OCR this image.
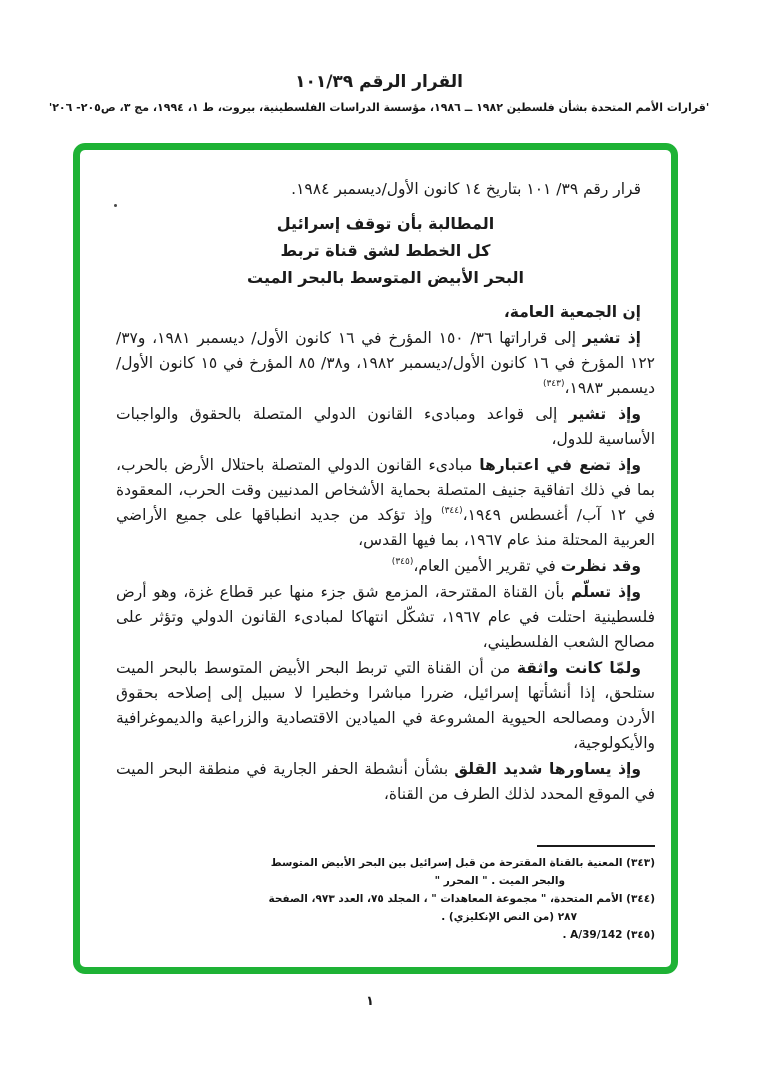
القرار الرقم ٣٩/‏١٠١
'قرارات الأمم المتحدة بشأن فلسطين ١٩٨٢ ــ ١٩٨٦، مؤسسة الدراسات الفلسطينية، بيروت، ط ١، ١٩٩٤، مج ٣، ص٢٠٥- ٢٠٦'
قرار رقم ٣٩/ ١٠١ بتاريخ ١٤ كانون الأول/ديسمبر ١٩٨٤.
المطالبة بأن توقف إسرائيل
كل الخطط لشق قناة تربط
البحر الأبيض المتوسط بالبحر الميت

إن الجمعية العامة،

إذ تشير إلى قراراتها ٣٦/ ١٥٠ المؤرخ في ١٦ كانون الأول/ ديسمبر ١٩٨١، و٣٧/ ١٢٢ المؤرخ في ١٦ كانون الأول/ديسمبر ١٩٨٢، و٣٨/ ٨٥ المؤرخ في ١٥ كانون الأول/ديسمبر ١٩٨٣،$^{(٣٤٣)}$

وإذ تشير إلى قواعد ومبادىء القانون الدولي المتصلة بالحقوق والواجبات الأساسية للدول،

وإذ تضع في اعتبارها مبادىء القانون الدولي المتصلة باحتلال الأرض بالحرب، بما في ذلك اتفاقية جنيف المتصلة بحماية الأشخاص المدنيين وقت الحرب، المعقودة في ١٢ آب/ أغسطس ١٩٤٩،$^{(٣٤٤)}$ وإذ تؤكد من جديد انطباقها على جميع الأراضي العربية المحتلة منذ عام ١٩٦٧، بما فيها القدس،

وقد نظرت في تقرير الأمين العام،$^{(٣٤٥)}$

وإذ تسلّم بأن القناة المقترحة، المزمع شق جزء منها عبر قطاع غزة، وهو أرض فلسطينية احتلت في عام ١٩٦٧، تشكّل انتهاكا لمبادىء القانون الدولي وتؤثر على مصالح الشعب الفلسطيني،

ولمّا كانت واثقة من أن القناة التي تربط البحر الأبيض المتوسط بالبحر الميت ستلحق، إذا أنشأتها إسرائيل، ضررا مباشرا وخطيرا لا سبيل إلى إصلاحه بحقوق الأردن ومصالحه الحيوية المشروعة في الميادين الاقتصادية والزراعية والديموغرافية والأيكولوجية،

وإذ يساورها شديد القلق بشأن أنشطة الحفر الجارية في منطقة البحر الميت في الموقع المحدد لذلك الطرف من القناة،

(٣٤٣) المعنية بالقناة المقترحة من قبل إسرائيل بين البحر الأبيض المتوسط
والبحر الميت . " المحرر "
(٣٤٤) الأمم المتحدة، " مجموعة المعاهدات " ، المجلد ٧٥، العدد ٩٧٣، الصفحة
٢٨٧ (من النص الإنكليزي) .
(٣٤٥) A/39/142 .
١
